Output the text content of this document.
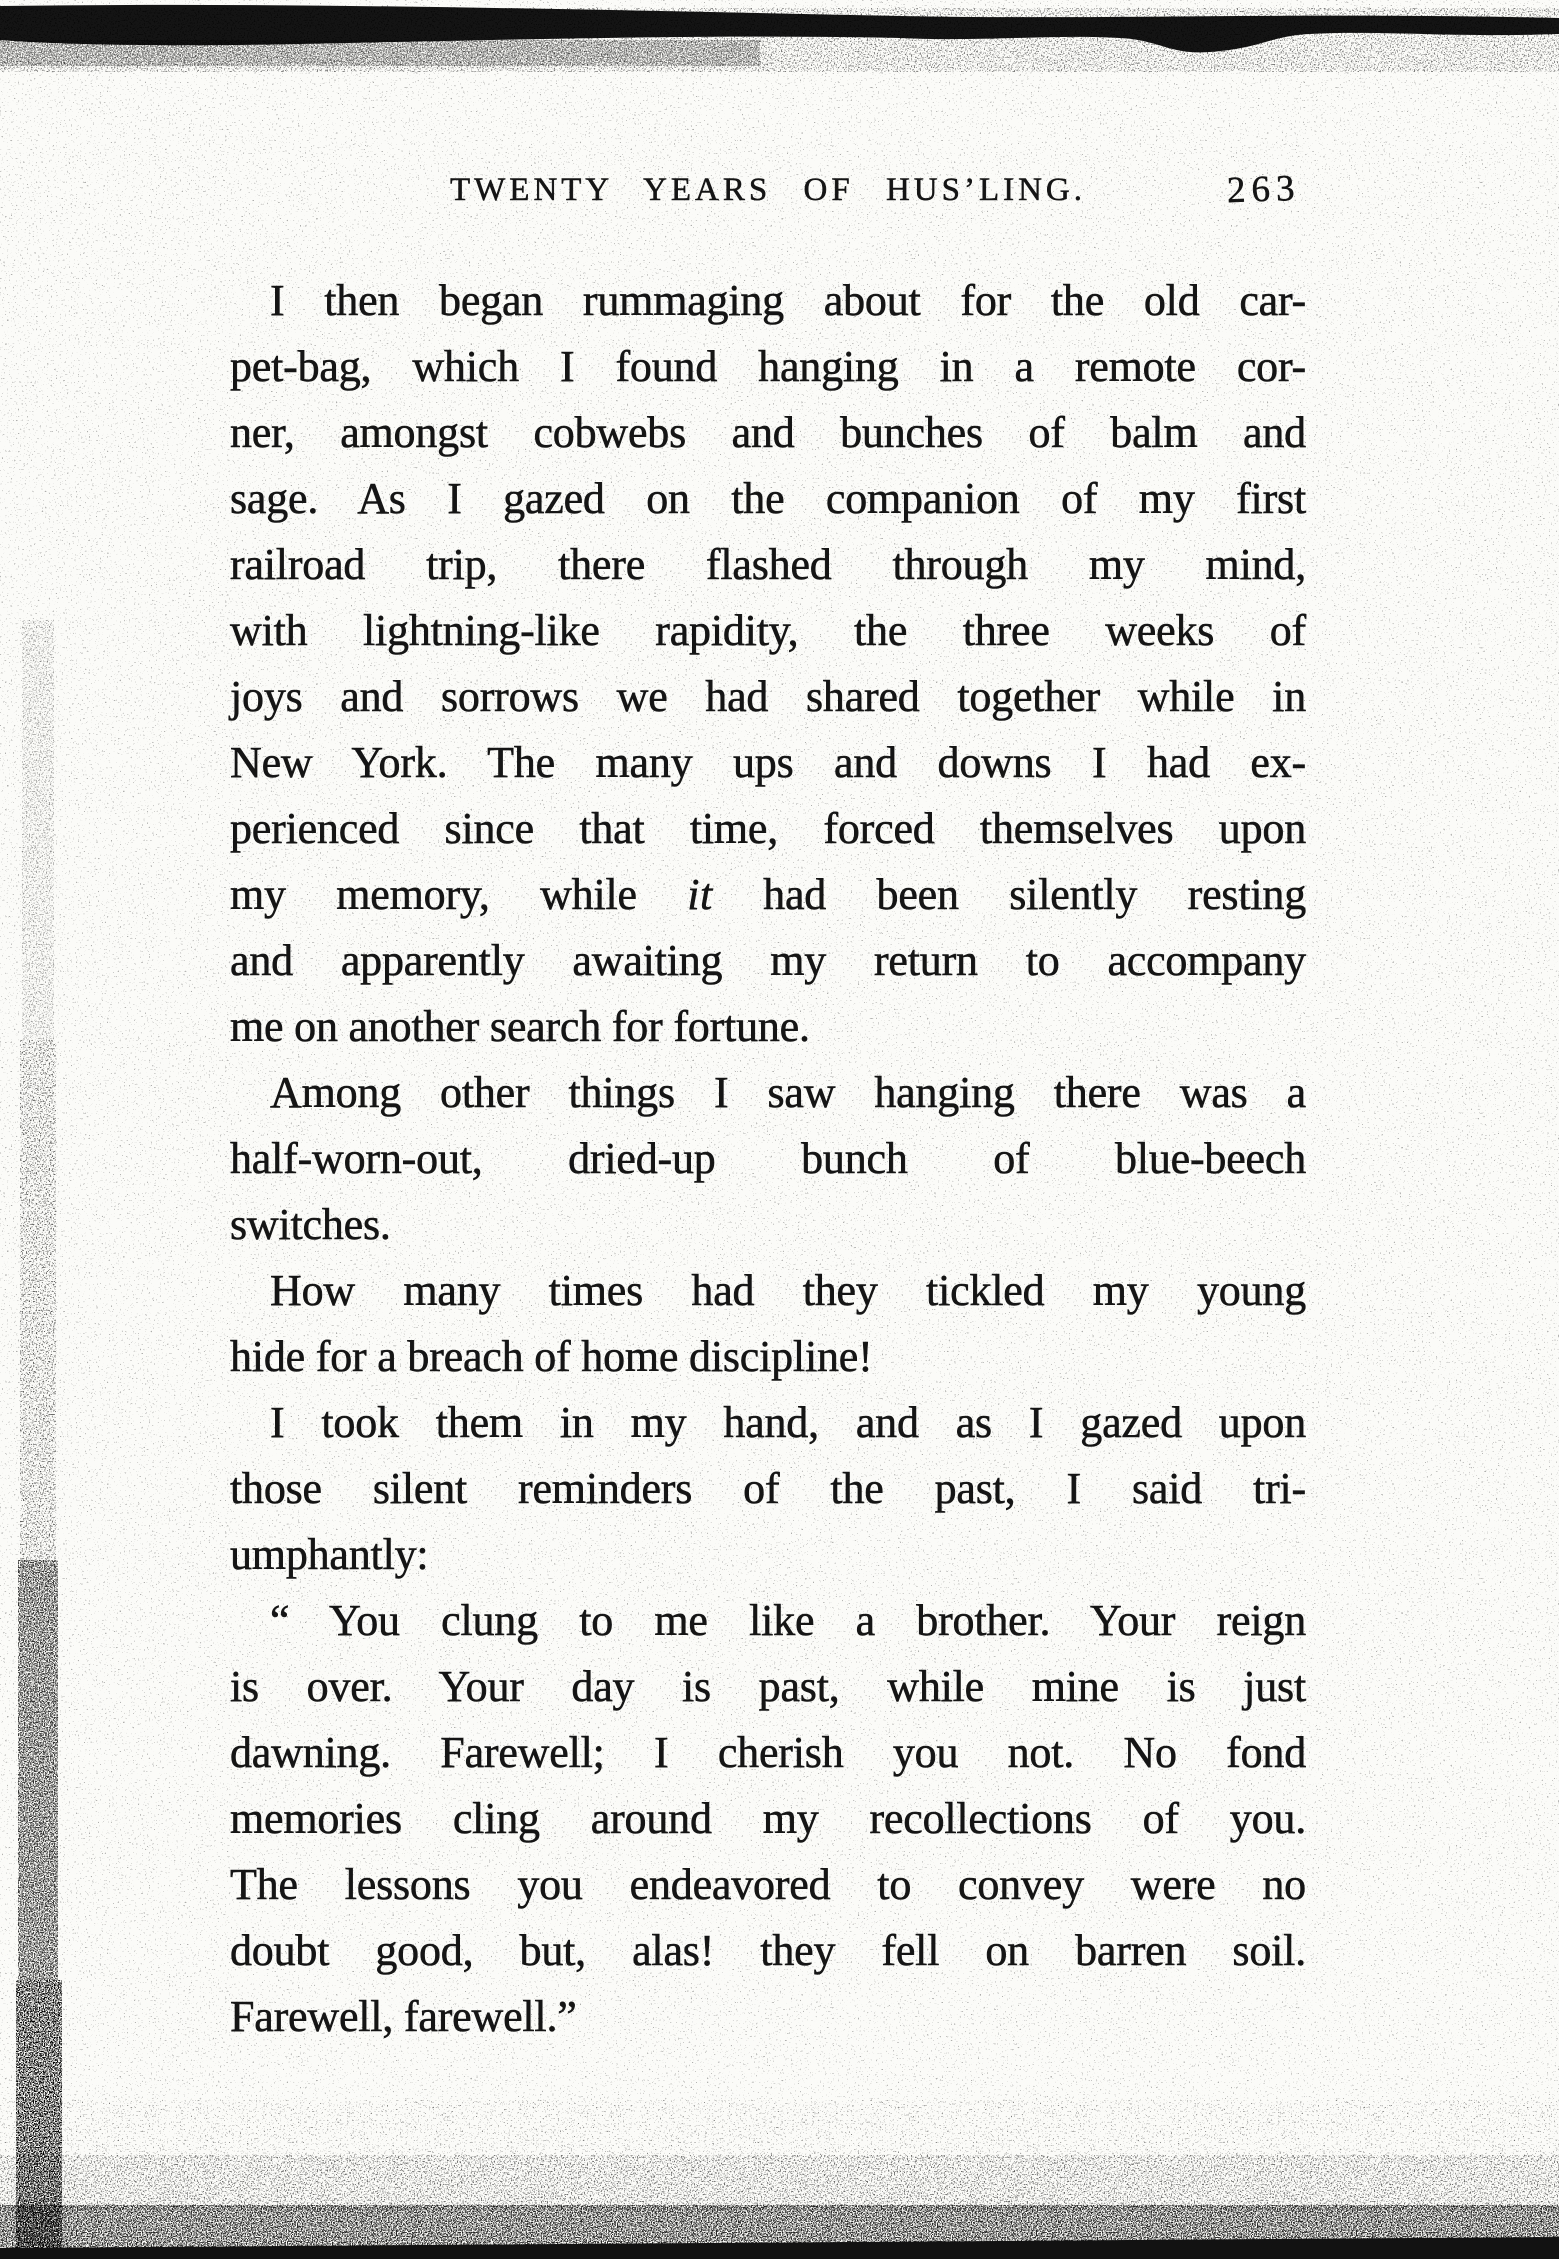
TWENTY YEARS OF HUS’LING.	263
I then began rummaging about for the old car-
pet-bag, which I found hanging in a remote cor-
ner, amongst cobwebs and bunches of balm and
sage. As I gazed on the companion of my first
railroad trip, there flashed through my mind,
with lightning-like rapidity, the three weeks of
joys and sorrows we had shared together while in
New York. The many ups and downs I had ex-
perienced since that time, forced themselves upon
my memory, while it had been silently resting
and apparently awaiting my return to accompany
me on another search for fortune.
Among other things I saw hanging there was a
half-worn-out, dried-up bunch of blue-beech
switches.
How many times had they tickled my young
hide for a breach of home discipline!
I took them in my hand, and as I gazed upon
those silent reminders of the past, I said tri-
umphantly:
“ You clung to me like a brother. Your reign
is over. Your day is past, while mine is just
dawning. Farewell; I cherish you not. No fond
memories cling around my recollections of you.
The lessons you endeavored to convey were no
doubt good, but, alas! they fell on barren soil.
Farewell, farewell.”
